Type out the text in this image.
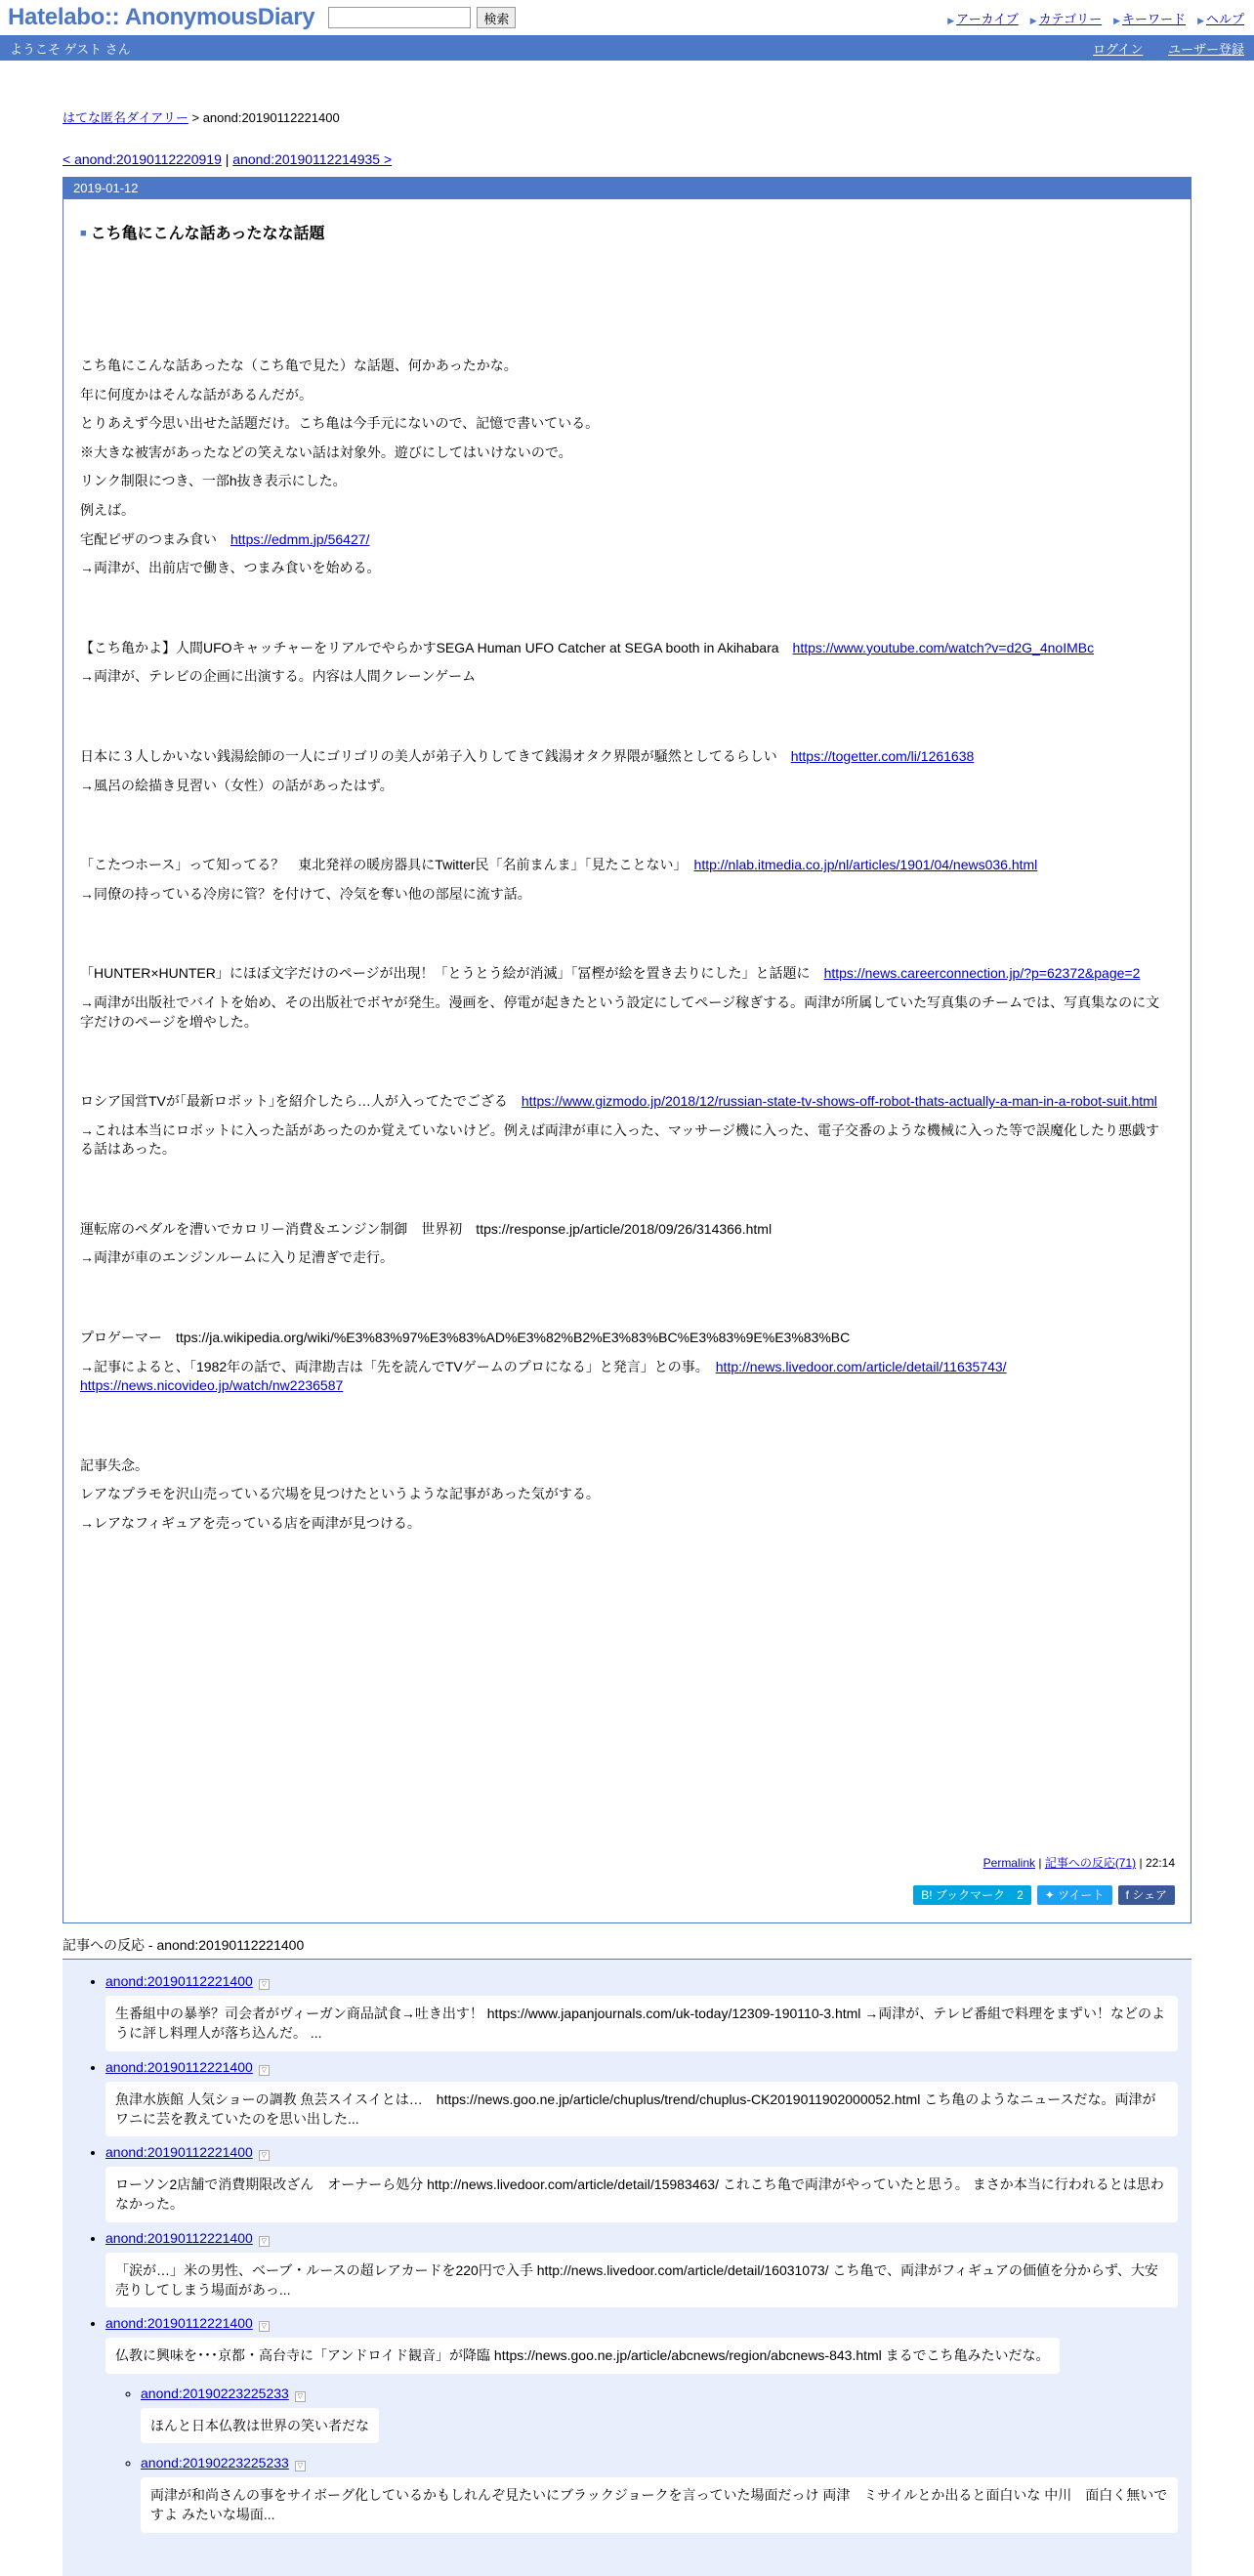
Hatelabo:: AnonymousDiary	検索	▶ アーカイブ ▶ カテゴリー ▶ キーワード ▶ ヘルプ
ようこそ ゲスト さん	ログイン ユーザー登録
はてな匿名ダイアリー > anond:20190112221400
< anond:20190112220919 | anond:20190112214935 >
2019-01-12
■ こち亀にこんな話あったなな話題

こち亀にこんな話あったな（こち亀で見た）な話題、何かあったかな。

年に何度かはそんな話があるんだが。

とりあえず今思い出せた話題だけ。こち亀は今手元にないので、記憶で書いている。

※大きな被害があったなどの笑えない話は対象外。遊びにしてはいけないので。

リンク制限につき、一部h抜き表示にした。

例えば。

宅配ピザのつまみ食い　https://edmm.jp/56427/

→両津が、出前店で働き、つまみ食いを始める。

【こち亀かよ】人間UFOキャッチャーをリアルでやらかすSEGA Human UFO Catcher at SEGA booth in Akihabara　https://www.youtube.com/watch?v=d2G_4noIMBc

→両津が、テレビの企画に出演する。内容は人間クレーンゲーム

日本に３人しかいない銭湯絵師の一人にゴリゴリの美人が弟子入りしてきて銭湯オタク界隈が騒然としてるらしい　https://togetter.com/li/1261638

→風呂の絵描き見習い（女性）の話があったはず。

「こたつホース」って知ってる？　東北発祥の暖房器具にTwitter民「名前まんま」「見たことない」　http://nlab.itmedia.co.jp/nl/articles/1901/04/news036.html

→同僚の持っている冷房に管？を付けて、冷気を奪い他の部屋に流す話。

「HUNTER×HUNTER」にほぼ文字だけのページが出現！「とうとう絵が消滅」「冨樫が絵を置き去りにした」と話題に　https://news.careerconnection.jp/?p=62372&page=2

→両津が出版社でバイトを始め、その出版社でボヤが発生。漫画を、停電が起きたという設定にしてページ稼ぎする。両津が所属していた写真集のチームでは、写真集なのに文字だけのページを増やした。

ロシア国営TVが｢最新ロボット｣を紹介したら…人が入ってたでござる　https://www.gizmodo.jp/2018/12/russian-state-tv-shows-off-robot-thats-actually-a-man-in-a-robot-suit.html

→これは本当にロボットに入った話があったのか覚えていないけど。例えば両津が車に入った、マッサージ機に入った、電子交番のような機械に入った等で誤魔化したり悪戯する話はあった。

運転席のペダルを漕いでカロリー消費＆エンジン制御　世界初　ttps://response.jp/article/2018/09/26/314366.html

→両津が車のエンジンルームに入り足漕ぎで走行。

プロゲーマー　ttps://ja.wikipedia.org/wiki/%E3%83%97%E3%83%AD%E3%82%B2%E3%83%BC%E3%83%9E%E3%83%BC

→記事によると、「1982年の話で、両津勘吉は「先を読んでTVゲームのプロになる」と発言」との事。　http://news.livedoor.com/article/detail/11635743/ https://news.nicovideo.jp/watch/nw2236587

記事失念。

レアなプラモを沢山売っている穴場を見つけたというような記事があった気がする。

→レアなフィギュアを売っている店を両津が見つける。

Permalink | 記事への反応(71) | 22:14
B! ブックマーク　2	✦ ツイート	f シェア
記事への反応 - anond:20190112221400
• anond:20190112221400 ▽

生番組中の暴挙？司会者がヴィーガン商品試食→吐き出す！ https://www.japanjournals.com/uk-today/12309-190110-3.html →両津が、テレビ番組で料理をまずい！などのように評し料理人が落ち込んだ。 ...
• anond:20190112221400 ▽

魚津水族館 人気ショーの調教 魚芸スイスイとは…　https://news.goo.ne.jp/article/chuplus/trend/chuplus-CK2019011902000052.html こち亀のようなニュースだな。両津がワニに芸を教えていたのを思い出した...
• anond:20190112221400 ▽

ローソン2店舗で消費期限改ざん　オーナーら処分 http://news.livedoor.com/article/detail/15983463/ これこち亀で両津がやっていたと思う。 まさか本当に行われるとは思わなかった。
• anond:20190112221400 ▽

「涙が…」米の男性、ベーブ・ルースの超レアカードを220円で入手 http://news.livedoor.com/article/detail/16031073/ こち亀で、両津がフィギュアの価値を分からず、大安売りしてしまう場面があっ...
• anond:20190112221400 ▽
仏教に興味を･･･京都・高台寺に「アンドロイド観音」が降臨 https://news.goo.ne.jp/article/abcnews/region/abcnews-843.html まるでこち亀みたいだな。
◦ anond:20190223225233 ▽
ほんと日本仏教は世界の笑い者だな
◦ anond:20190223225233 ▽

両津が和尚さんの事をサイボーグ化しているかもしれんぞ見たいにブラックジョークを言っていた場面だっけ 両津　ミサイルとか出ると面白いな 中川　面白く無いですよ みたいな場面...
